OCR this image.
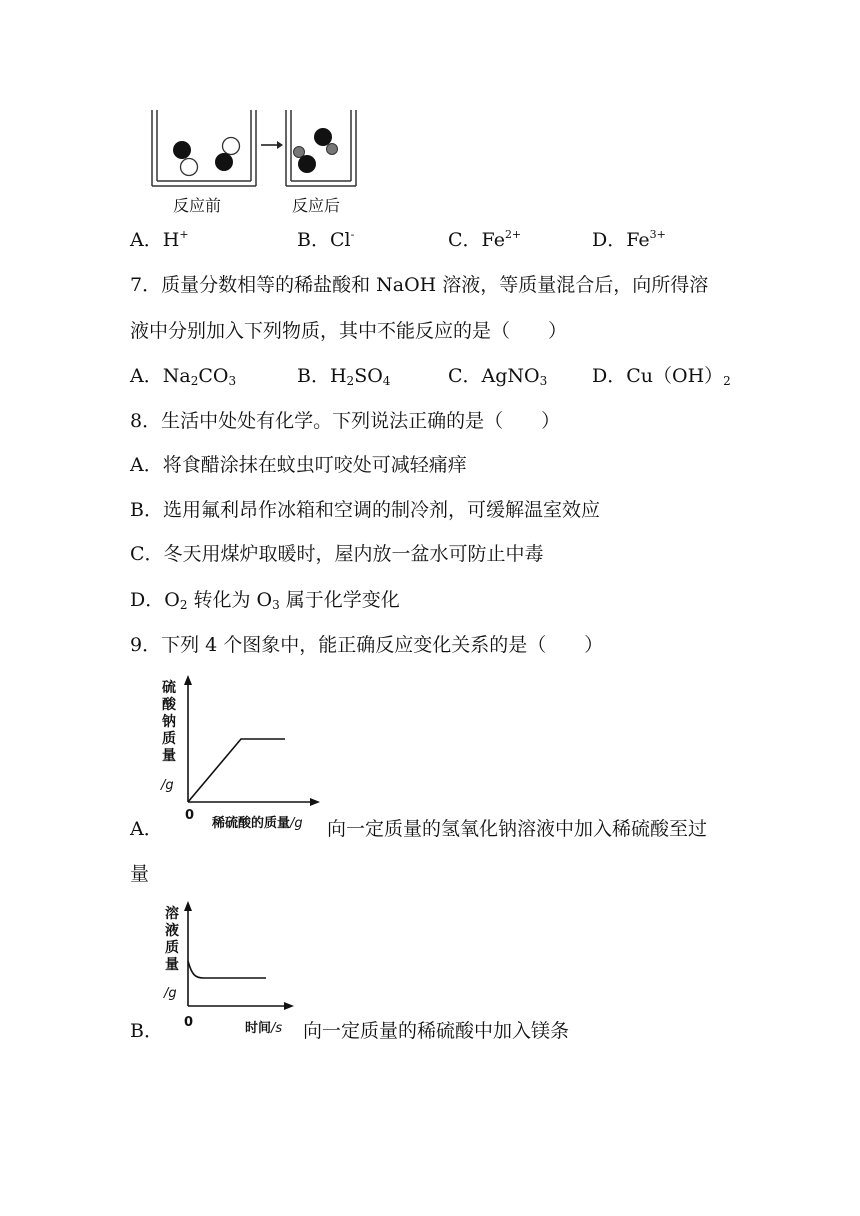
反应前	反应后
A．H+	B．Cl-	C．$Fe^{2+}$	D．$Fe^{3+}$
7．质量分数相等的稀盐酸和 NaOH 溶液，等质量混合后，向所得溶
液中分别加入下列物质，其中不能反应的是（　　）
A．$Na_2CO_3$	B．$H_2SO_4$	C．AgNO$_3$ D．$Cu(OH)_2$
8．生活中处处有化学。下列说法正确的是（　　）
A．将食醋涂抹在蚊虫叮咬处可减轻痛痒
B．选用氟利昂作冰箱和空调的制冷剂，可缓解温室效应
C．冬天用煤炉取暖时，屋内放一盆水可防止中毒
D．$O_2$ 转化为 $O_3$ 属于化学变化
9．下列 4 个图象中，能正确反应变化关系的是（　　）
硫
酸
钠
质
量
/g
0
稀硫酸的质量/g
A．	向一定质量的氢氧化钠溶液中加入稀硫酸至过
量
溶
液
质
量
/g
0	时间/s
B．	向一定质量的稀硫酸中加入镁条
